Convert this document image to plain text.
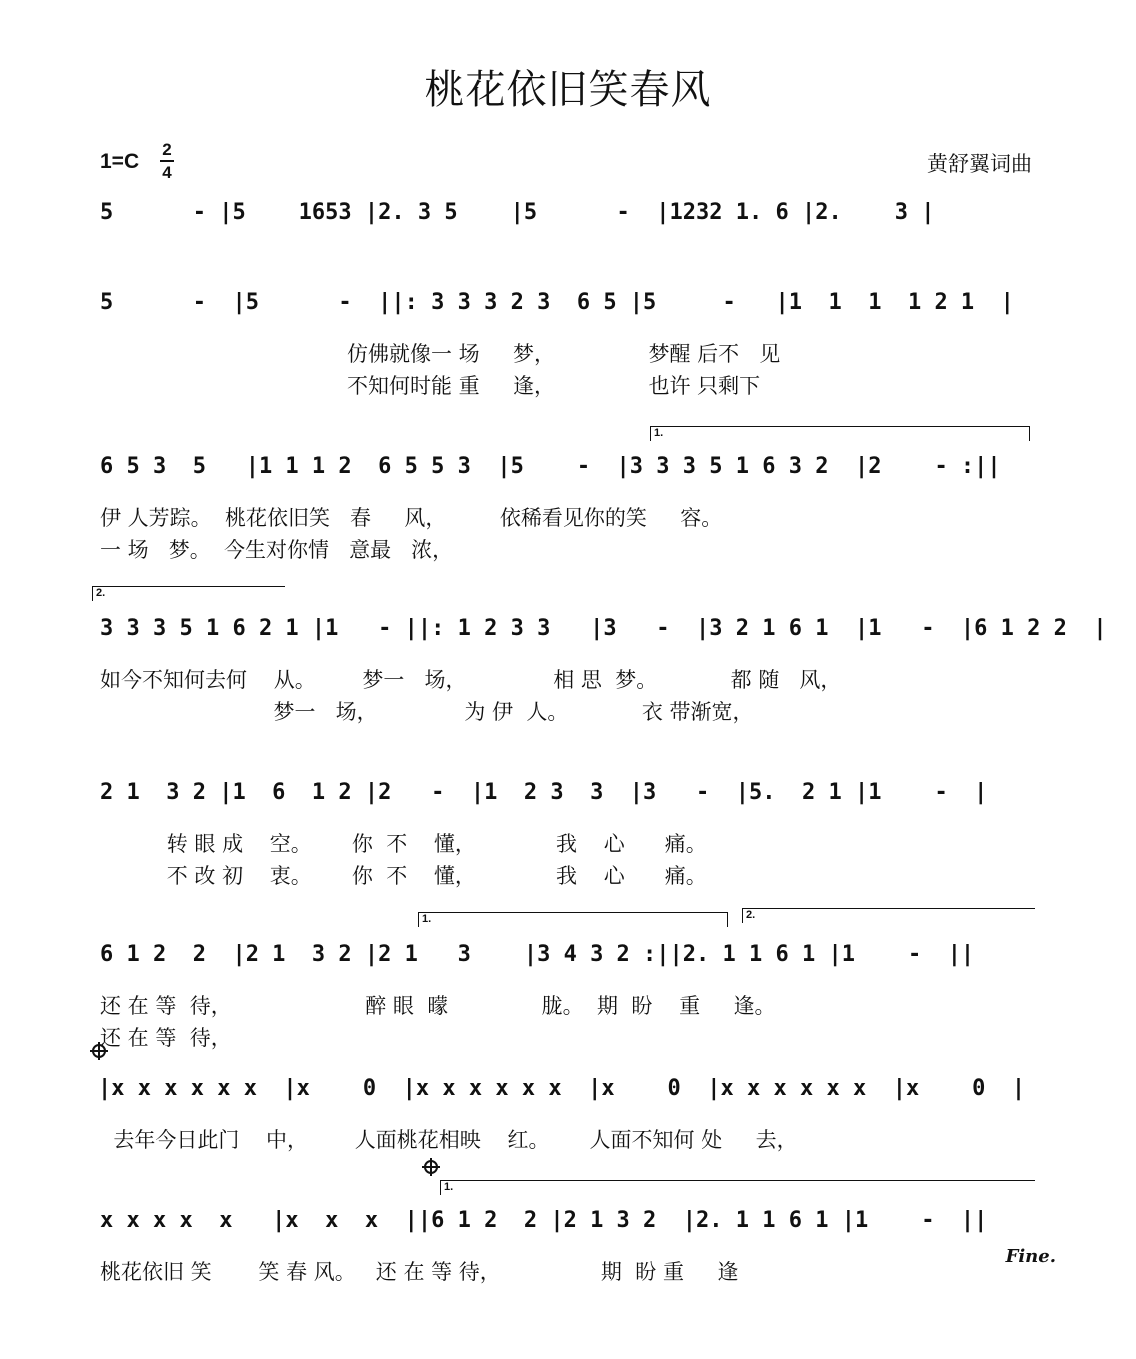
桃花依旧笑春风
1=C
2
4	黄舒翼词曲
5      - |5    1653 |2. 3 5    |5      -  |1232 1. 6 |2.    3 |
5      -  |5      -  ||: 3 3 3 2 3  6 5 |5     -   |1  1  1  1 2 1  |
仿佛就像一 场     梦，              梦醒 后不   见
不知何时能 重     逢，              也许 只剩下
1.
6 5 3  5   |1 1 1 2  6 5 5 3  |5    -  |3 3 3 5 1 6 3 2  |2    - :||
伊 人芳踪。  桃花依旧笑   春     风，        依稀看见你的笑     容。
一 场   梦。  今生对你情   意最   浓，
2.
3 3 3 5 1 6 2 1 |1   - ||: 1 2 3 3   |3   -  |3 2 1 6 1  |1   -  |6 1 2 2  |
如今不知何去何    从。       梦一   场，             相 思  梦。           都 随   风，
梦一   场，             为 伊  人。           衣 带渐宽，
2 1  3 2 |1  6  1 2 |2   -  |1  2 3  3  |3   -  |5.  2 1 |1    -  |
转 眼 成    空。      你  不    懂，            我    心      痛。
不 改 初    衷。      你  不    懂，            我    心      痛。
1.	2.
6 1 2  2  |2 1  3 2 |2 1   3    |3 4 3 2 :||2. 1 1 6 1 |1    -  ||
还 在 等  待，                    醉 眼  曚              胧。  期  盼    重     逢。
还 在 等  待，
|x x x x x x  |x    0  |x x x x x x  |x    0  |x x x x x x  |x    0  |
去年今日此门    中，       人面桃花相映    红。      人面不知何 处     去，
1.
x x x x  x   |x  x  x  ||6 1 2  2 |2 1 3 2  |2. 1 1 6 1 |1    -  ||
桃花依旧 笑       笑 春 风。   还 在 等 待，               期  盼 重     逢
Fine.
